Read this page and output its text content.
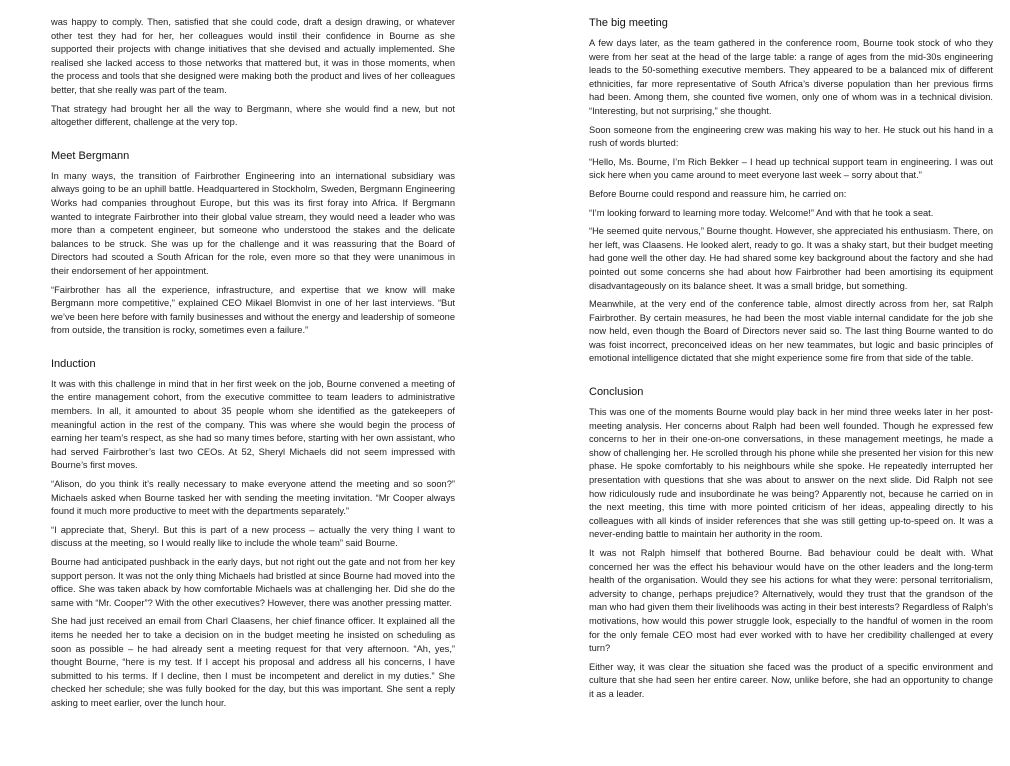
was happy to comply. Then, satisfied that she could code, draft a design drawing, or whatever other test they had for her, her colleagues would instil their confidence in Bourne as she supported their projects with change initiatives that she devised and actually implemented. She realised she lacked access to those networks that mattered but, it was in those moments, when the process and tools that she designed were making both the product and lives of her colleagues better, that she really was part of the team.

That strategy had brought her all the way to Bergmann, where she would find a new, but not altogether different, challenge at the very top.

Meet Bergmann

In many ways, the transition of Fairbrother Engineering into an international subsidiary was always going to be an uphill battle. Headquartered in Stockholm, Sweden, Bergmann Engineering Works had companies throughout Europe, but this was its first foray into Africa. If Bergmann wanted to integrate Fairbrother into their global value stream, they would need a leader who was more than a competent engineer, but someone who understood the stakes and the delicate balances to be struck. She was up for the challenge and it was reassuring that the Board of Directors had scouted a South African for the role, even more so that they were unanimous in their endorsement of her appointment.

“Fairbrother has all the experience, infrastructure, and expertise that we know will make Bergmann more competitive,” explained CEO Mikael Blomvist in one of her last interviews. “But we’ve been here before with family businesses and without the energy and leadership of someone from outside, the transition is rocky, sometimes even a failure.”

Induction

It was with this challenge in mind that in her first week on the job, Bourne convened a meeting of the entire management cohort, from the executive committee to team leaders to administrative members. In all, it amounted to about 35 people whom she identified as the gatekeepers of meaningful action in the rest of the company. This was where she would begin the process of earning her team’s respect, as she had so many times before, starting with her own assistant, who had served Fairbrother’s last two CEOs. At 52, Sheryl Michaels did not seem impressed with Bourne’s first moves.

“Alison, do you think it’s really necessary to make everyone attend the meeting and so soon?” Michaels asked when Bourne tasked her with sending the meeting invitation. “Mr Cooper always found it much more productive to meet with the departments separately.”

“I appreciate that, Sheryl. But this is part of a new process – actually the very thing I want to discuss at the meeting, so I would really like to include the whole team” said Bourne.

Bourne had anticipated pushback in the early days, but not right out the gate and not from her key support person. It was not the only thing Michaels had bristled at since Bourne had moved into the office. She was taken aback by how comfortable Michaels was at challenging her. Did she do the same with “Mr. Cooper”? With the other executives? However, there was another pressing matter.

She had just received an email from Charl Claasens, her chief finance officer. It explained all the items he needed her to take a decision on in the budget meeting he insisted on scheduling as soon as possible – he had already sent a meeting request for that very afternoon. “Ah, yes,” thought Bourne, “here is my test. If I accept his proposal and address all his concerns, I have submitted to his terms. If I decline, then I must be incompetent and derelict in my duties.” She checked her schedule; she was fully booked for the day, but this was important. She sent a reply asking to meet earlier, over the lunch hour.

The big meeting

A few days later, as the team gathered in the conference room, Bourne took stock of who they were from her seat at the head of the large table: a range of ages from the mid-30s engineering leads to the 50-something executive members. They appeared to be a balanced mix of different ethnicities, far more representative of South Africa’s diverse population than her previous firms had been. Among them, she counted five women, only one of whom was in a technical division. “Interesting, but not surprising,” she thought.

Soon someone from the engineering crew was making his way to her. He stuck out his hand in a rush of words blurted:

“Hello, Ms. Bourne, I’m Rich Bekker – I head up technical support team in engineering. I was out sick here when you came around to meet everyone last week – sorry about that.”

Before Bourne could respond and reassure him, he carried on:

“I’m looking forward to learning more today. Welcome!” And with that he took a seat.

“He seemed quite nervous,” Bourne thought. However, she appreciated his enthusiasm. There, on her left, was Claasens. He looked alert, ready to go. It was a shaky start, but their budget meeting had gone well the other day. He had shared some key background about the factory and she had pointed out some concerns she had about how Fairbrother had been amortising its equipment disadvantageously on its balance sheet. It was a small bridge, but something.

Meanwhile, at the very end of the conference table, almost directly across from her, sat Ralph Fairbrother. By certain measures, he had been the most viable internal candidate for the job she now held, even though the Board of Directors never said so. The last thing Bourne wanted to do was foist incorrect, preconceived ideas on her new teammates, but logic and basic principles of emotional intelligence dictated that she might experience some fire from that side of the table.

Conclusion

This was one of the moments Bourne would play back in her mind three weeks later in her post-meeting analysis. Her concerns about Ralph had been well founded. Though he expressed few concerns to her in their one-on-one conversations, in these management meetings, he made a show of challenging her. He scrolled through his phone while she presented her vision for this new phase. He spoke comfortably to his neighbours while she spoke. He repeatedly interrupted her presentation with questions that she was about to answer on the next slide. Did Ralph not see how ridiculously rude and insubordinate he was being? Apparently not, because he carried on in the next meeting, this time with more pointed criticism of her ideas, appealing directly to his colleagues with all kinds of insider references that she was still getting up-to-speed on. It was a never-ending battle to maintain her authority in the room.

It was not Ralph himself that bothered Bourne. Bad behaviour could be dealt with. What concerned her was the effect his behaviour would have on the other leaders and the long-term health of the organisation. Would they see his actions for what they were: personal territorialism, adversity to change, perhaps prejudice? Alternatively, would they trust that the grandson of the man who had given them their livelihoods was acting in their best interests? Regardless of Ralph’s motivations, how would this power struggle look, especially to the handful of women in the room for the only female CEO most had ever worked with to have her credibility challenged at every turn?

Either way, it was clear the situation she faced was the product of a specific environment and culture that she had seen her entire career. Now, unlike before, she had an opportunity to change it as a leader.
